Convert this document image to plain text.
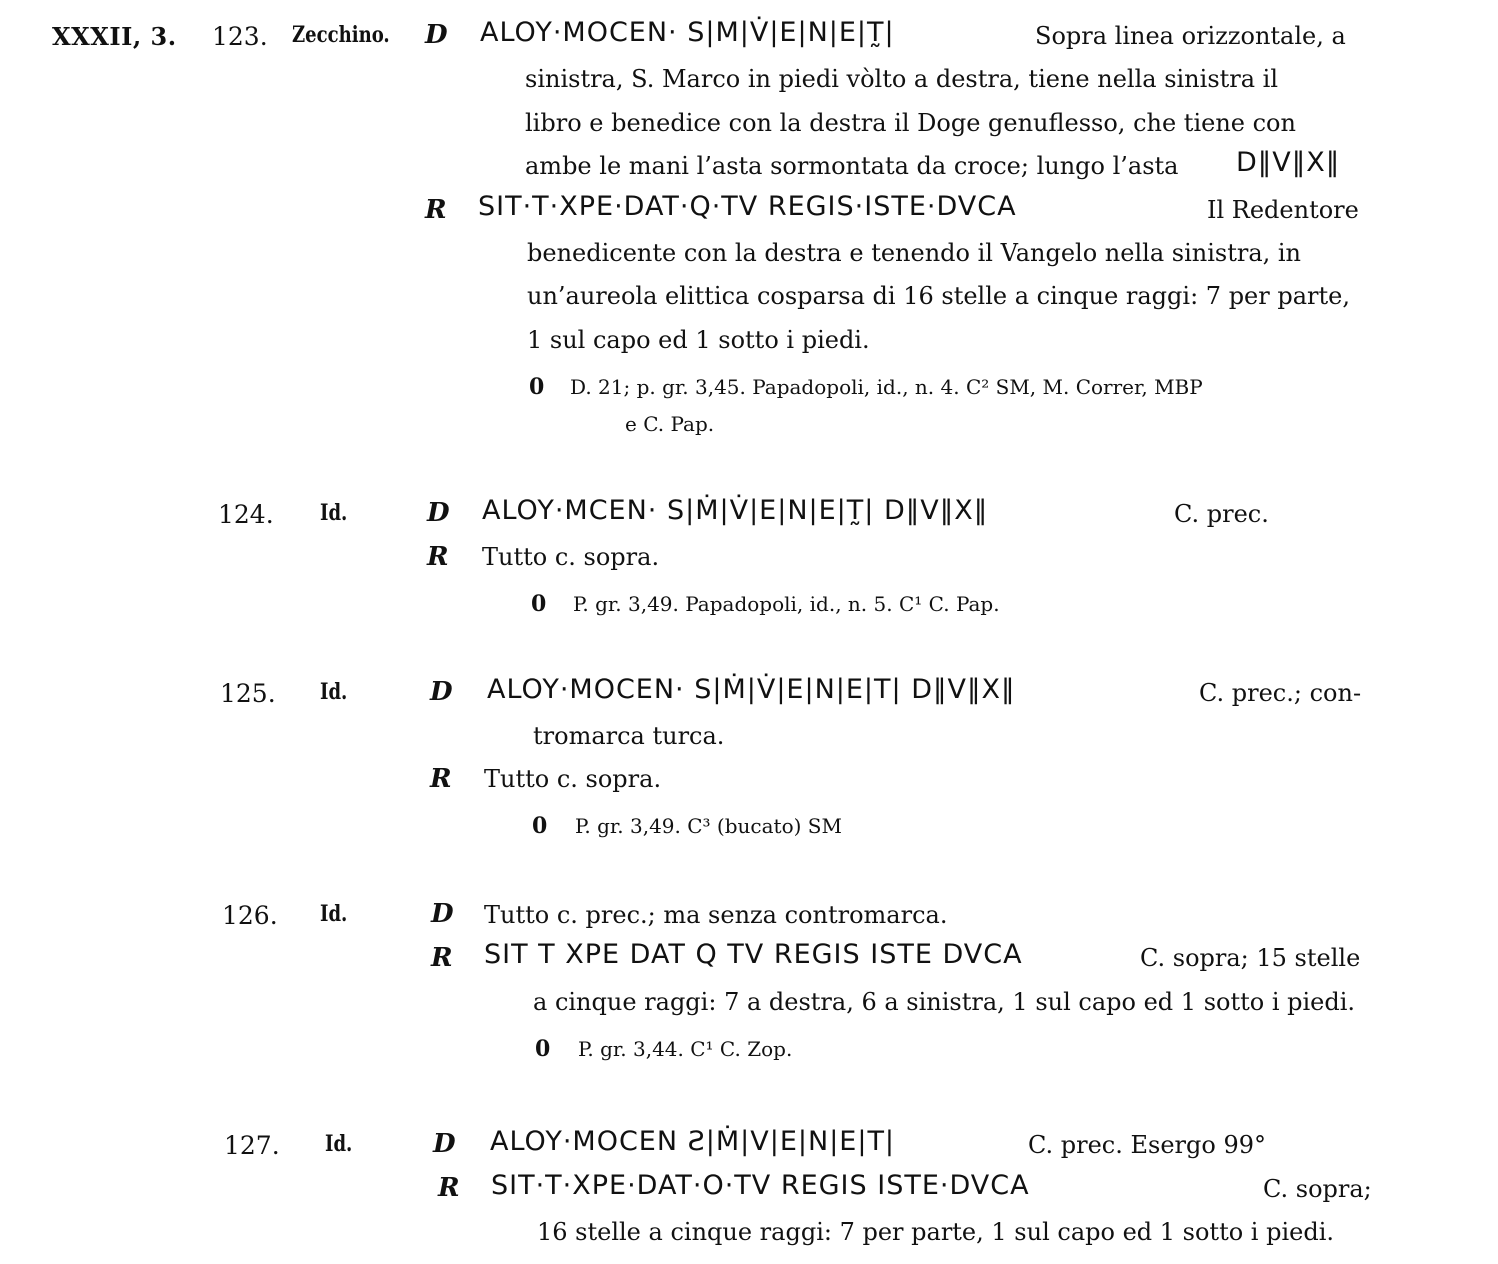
XXXII, 3. 123. Zecchino. D ALOY·MOCEN· S|M|V̇|E|N|E|T̰|	Sopra linea orizzontale, a
sinistra, S. Marco in piedi vòlto a destra, tiene nella sinistra il
libro e benedice con la destra il Doge genuflesso, che tiene con
ambe le mani l’asta sormontata da croce; lungo l’asta D‖V‖X‖
R SIT·T·XPE·DAT·Q·TV REGIS·ISTE·DVCA	Il Redentore
benedicente con la destra e tenendo il Vangelo nella sinistra, in
un’aureola elittica cosparsa di 16 stelle a cinque raggi: 7 per parte,
1 sul capo ed 1 sotto i piedi.
0 D. 21; p. gr. 3,45. Papadopoli, id., n. 4. C² SM, M. Correr, MBP
e C. Pap.
124. Id.	D ALOY·MCEN· S|Ṁ|V̇|E|N|E|T̰| D‖V‖X‖	C. prec.
R Tutto c. sopra.
0 P. gr. 3,49. Papadopoli, id., n. 5. C¹ C. Pap.
125. Id.	D ALOY·MOCEN· S|Ṁ|V̇|E|N|E|T| D‖V‖X‖	C. prec.; con-
tromarca turca.
R Tutto c. sopra.
0 P. gr. 3,49. C³ (bucato) SM
126. Id.	D Tutto c. prec.; ma senza contromarca.
R SIT T XPE DAT Q TV REGIS ISTE DVCA	C. sopra; 15 stelle
a cinque raggi: 7 a destra, 6 a sinistra, 1 sul capo ed 1 sotto i piedi.
0 P. gr. 3,44. C¹ C. Zop.
127. Id.	D ALOY·MOCEN Ƨ|Ṁ|V|E|N|E|T|	C. prec. Esergo 99°
R SIT·T·XPE·DAT·O·TV REGIS ISTE·DVCA	C. sopra;
16 stelle a cinque raggi: 7 per parte, 1 sul capo ed 1 sotto i piedi.
